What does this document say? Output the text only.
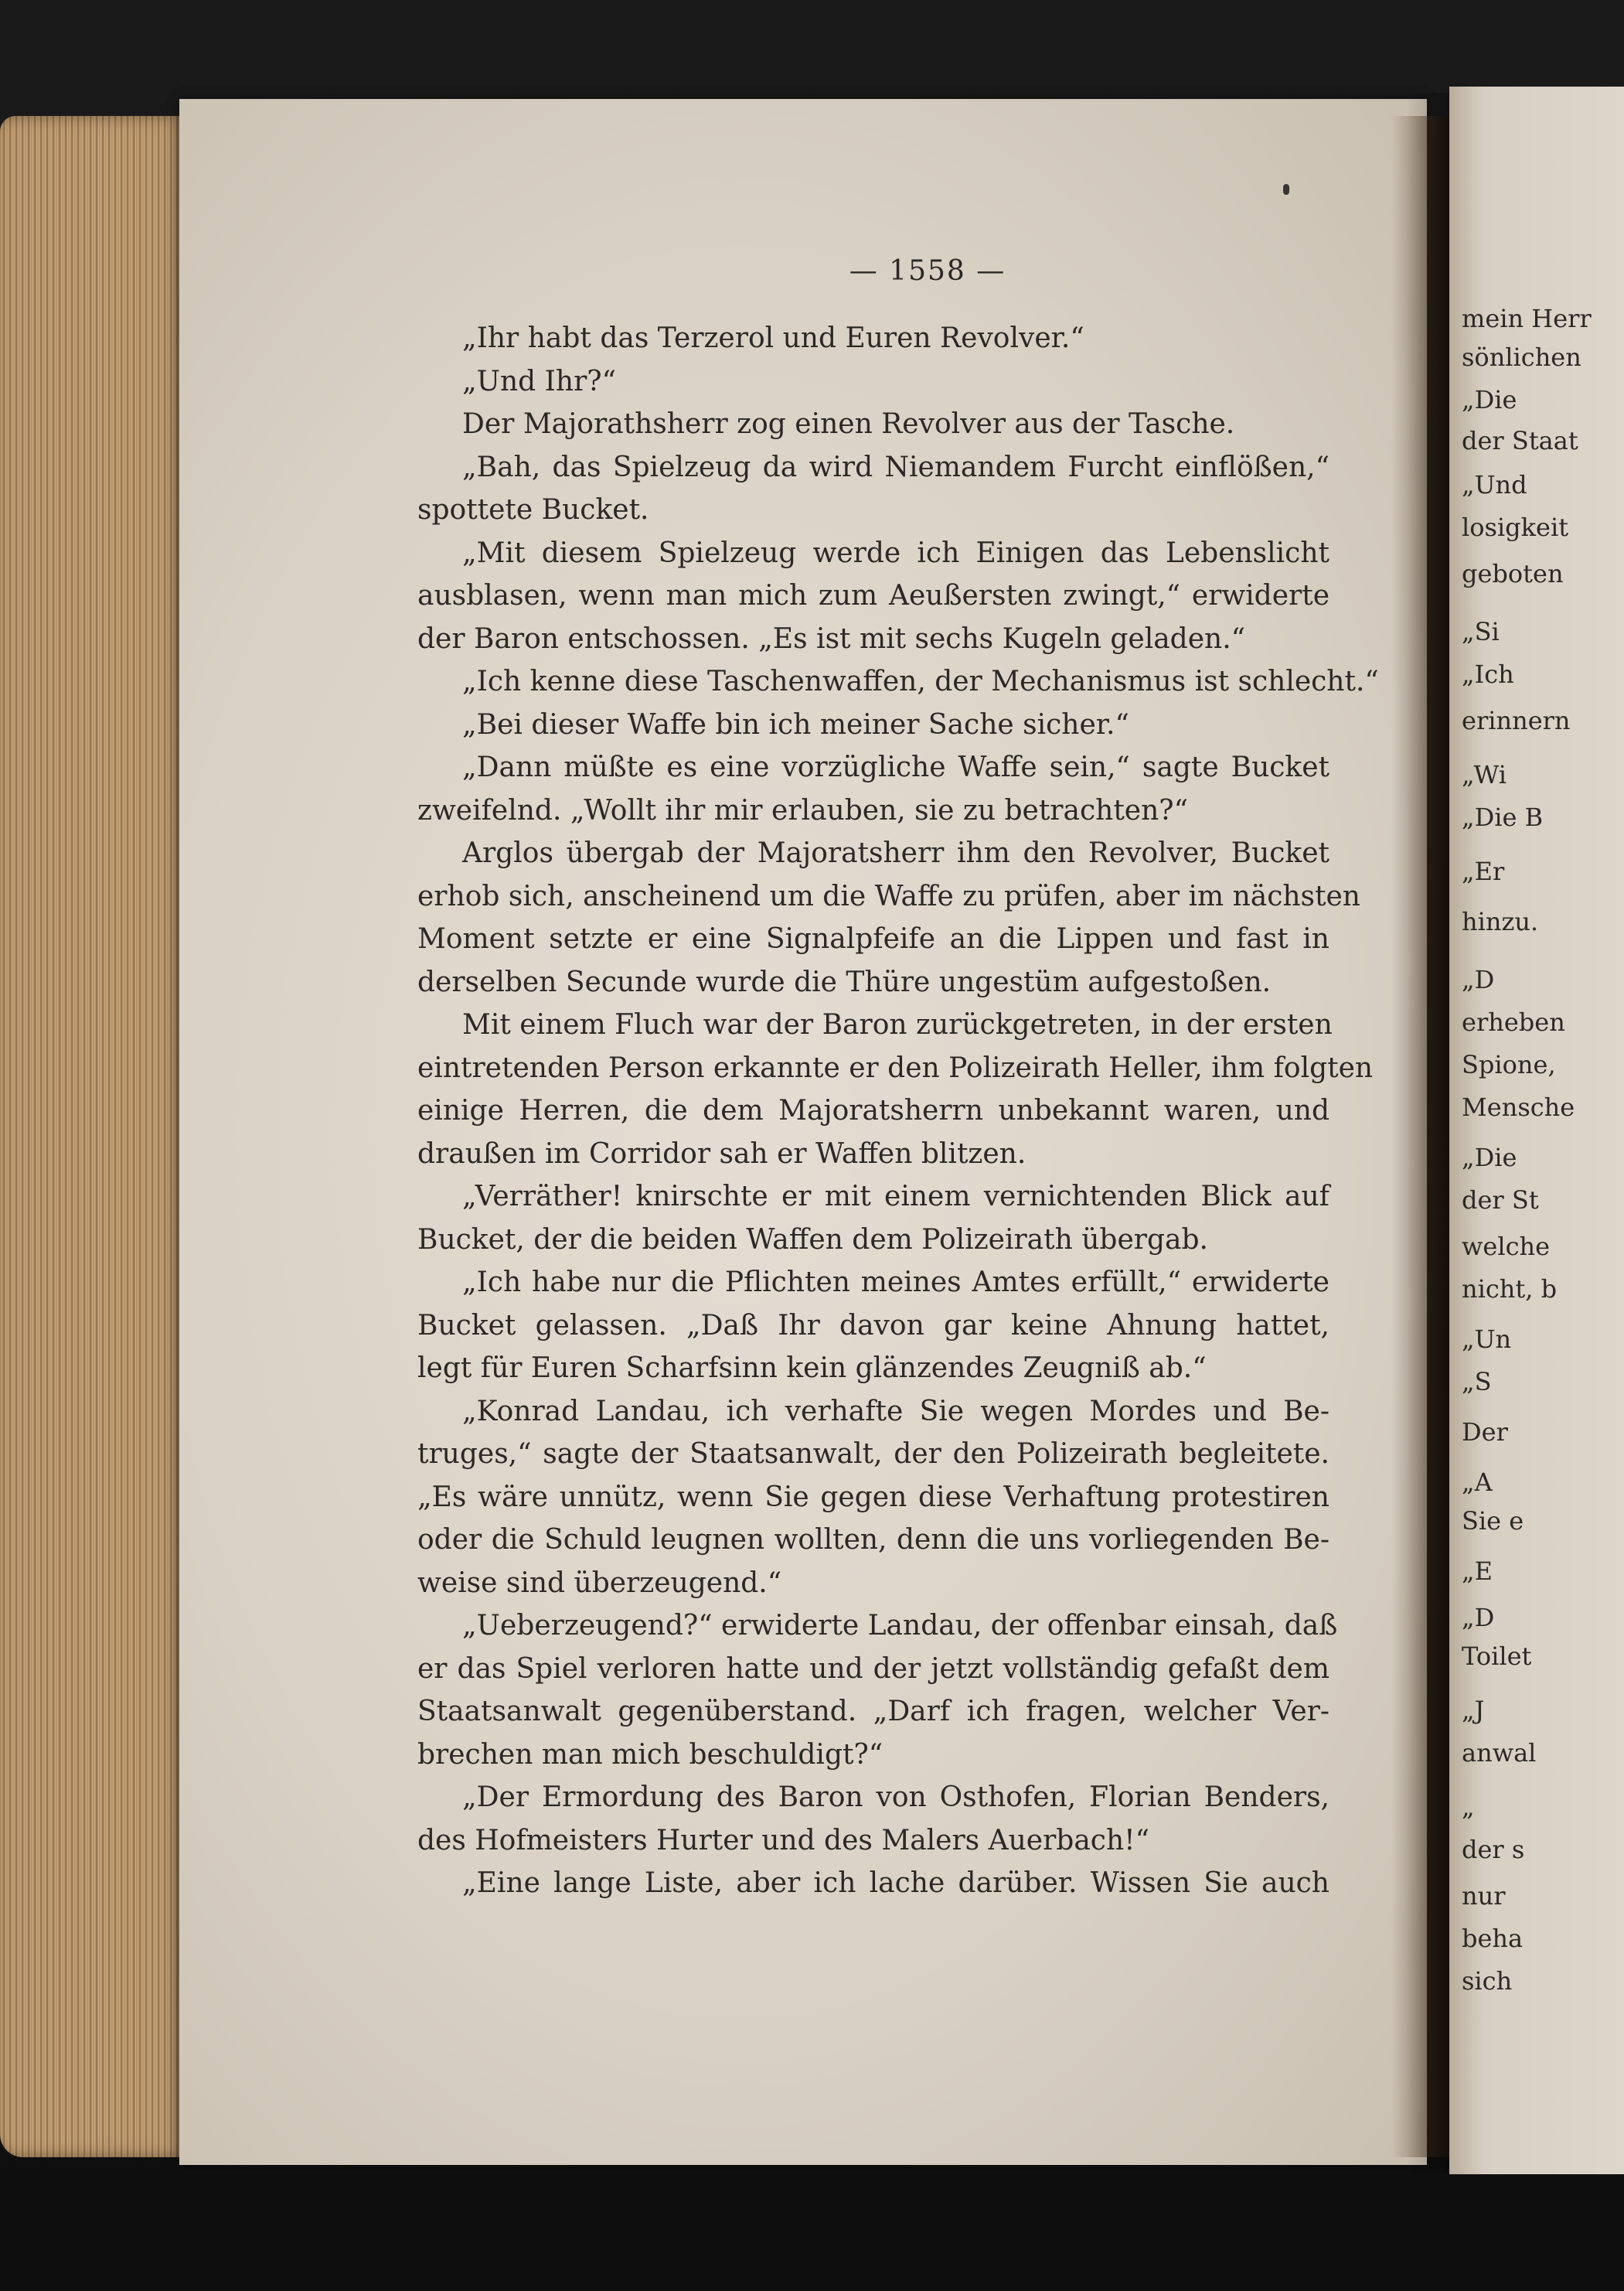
mein Herr
sönlichen
„Die
der Staat
„Und
losigkeit
geboten
„Si
„Ich
erinnern
„Wi
„Die B
„Er
hinzu.
„D
erheben
Spione,
Mensche
„Die
der St
welche
nicht, b
„Un
„S
Der
„A
Sie e
„E
„D
Toilet
„J
anwal
„
der s
nur
beha
sich
— 1558 —
„Ihr habt das Terzerol und Euren Revolver.“
„Und Ihr?“
Der Majorathsherr zog einen Revolver aus der Tasche.
„Bah, das Spielzeug da wird Niemandem Furcht einflößen,“
spottete Bucket.
„Mit diesem Spielzeug werde ich Einigen das Lebenslicht
ausblasen, wenn man mich zum Aeußersten zwingt,“ erwiderte
der Baron entschossen. „Es ist mit sechs Kugeln geladen.“
„Ich kenne diese Taschenwaffen, der Mechanismus ist schlecht.“
„Bei dieser Waffe bin ich meiner Sache sicher.“
„Dann müßte es eine vorzügliche Waffe sein,“ sagte Bucket
zweifelnd. „Wollt ihr mir erlauben, sie zu betrachten?“
Arglos übergab der Majoratsherr ihm den Revolver, Bucket
erhob sich, anscheinend um die Waffe zu prüfen, aber im nächsten
Moment setzte er eine Signalpfeife an die Lippen und fast in
derselben Secunde wurde die Thüre ungestüm aufgestoßen.
Mit einem Fluch war der Baron zurückgetreten, in der ersten
eintretenden Person erkannte er den Polizeirath Heller, ihm folgten
einige Herren, die dem Majoratsherrn unbekannt waren, und
draußen im Corridor sah er Waffen blitzen.
„Verräther! knirschte er mit einem vernichtenden Blick auf
Bucket, der die beiden Waffen dem Polizeirath übergab.
„Ich habe nur die Pflichten meines Amtes erfüllt,“ erwiderte
Bucket gelassen. „Daß Ihr davon gar keine Ahnung hattet,
legt für Euren Scharfsinn kein glänzendes Zeugniß ab.“
„Konrad Landau, ich verhafte Sie wegen Mordes und Be-
truges,“ sagte der Staatsanwalt, der den Polizeirath begleitete.
„Es wäre unnütz, wenn Sie gegen diese Verhaftung protestiren
oder die Schuld leugnen wollten, denn die uns vorliegenden Be-
weise sind überzeugend.“
„Ueberzeugend?“ erwiderte Landau, der offenbar einsah, daß
er das Spiel verloren hatte und der jetzt vollständig gefaßt dem
Staatsanwalt gegenüberstand. „Darf ich fragen, welcher Ver-
brechen man mich beschuldigt?“
„Der Ermordung des Baron von Osthofen, Florian Benders,
des Hofmeisters Hurter und des Malers Auerbach!“
„Eine lange Liste, aber ich lache darüber. Wissen Sie auch
